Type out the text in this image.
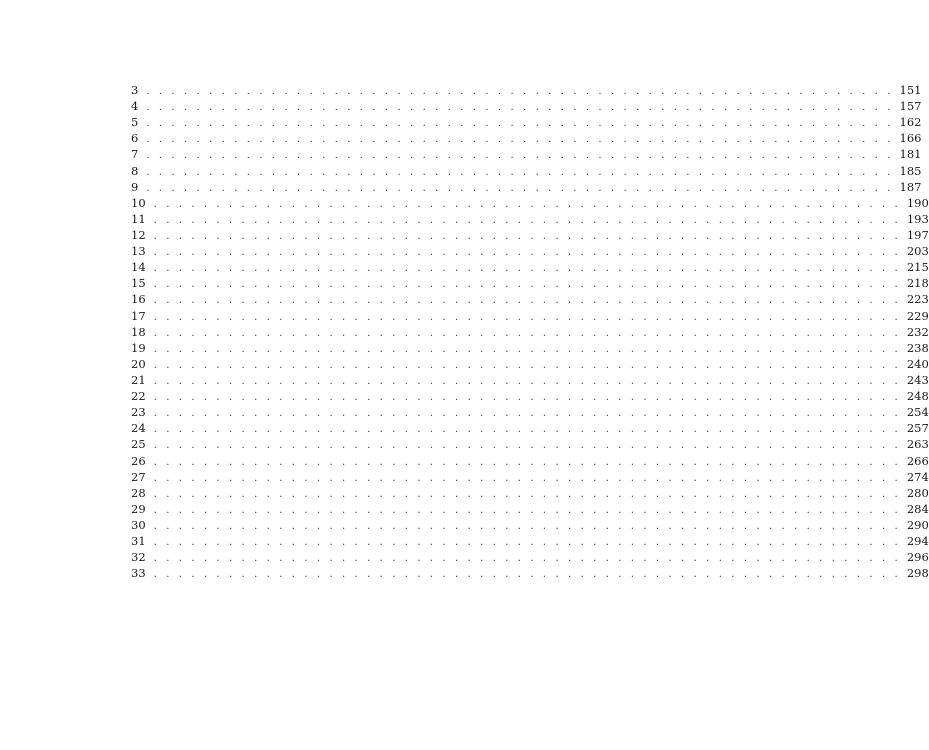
3 . . . . . . . . . . . . . . . . . . . . . . . . . . . . . . . . . . . . . . . . . . . . . . . . . . . . . . . . . . . . 151
4 . . . . . . . . . . . . . . . . . . . . . . . . . . . . . . . . . . . . . . . . . . . . . . . . . . . . . . . . . . . . 157
5 . . . . . . . . . . . . . . . . . . . . . . . . . . . . . . . . . . . . . . . . . . . . . . . . . . . . . . . . . . . . 162
6 . . . . . . . . . . . . . . . . . . . . . . . . . . . . . . . . . . . . . . . . . . . . . . . . . . . . . . . . . . . . 166
7 . . . . . . . . . . . . . . . . . . . . . . . . . . . . . . . . . . . . . . . . . . . . . . . . . . . . . . . . . . . . 181
8 . . . . . . . . . . . . . . . . . . . . . . . . . . . . . . . . . . . . . . . . . . . . . . . . . . . . . . . . . . . . 185
9 . . . . . . . . . . . . . . . . . . . . . . . . . . . . . . . . . . . . . . . . . . . . . . . . . . . . . . . . . . . . 187
10 . . . . . . . . . . . . . . . . . . . . . . . . . . . . . . . . . . . . . . . . . . . . . . . . . . . . . . . . . . . . 190
11 . . . . . . . . . . . . . . . . . . . . . . . . . . . . . . . . . . . . . . . . . . . . . . . . . . . . . . . . . . . . 193
12 . . . . . . . . . . . . . . . . . . . . . . . . . . . . . . . . . . . . . . . . . . . . . . . . . . . . . . . . . . . . 197
13 . . . . . . . . . . . . . . . . . . . . . . . . . . . . . . . . . . . . . . . . . . . . . . . . . . . . . . . . . . . . 203
14 . . . . . . . . . . . . . . . . . . . . . . . . . . . . . . . . . . . . . . . . . . . . . . . . . . . . . . . . . . . . 215
15 . . . . . . . . . . . . . . . . . . . . . . . . . . . . . . . . . . . . . . . . . . . . . . . . . . . . . . . . . . . . 218
16 . . . . . . . . . . . . . . . . . . . . . . . . . . . . . . . . . . . . . . . . . . . . . . . . . . . . . . . . . . . . 223
17 . . . . . . . . . . . . . . . . . . . . . . . . . . . . . . . . . . . . . . . . . . . . . . . . . . . . . . . . . . . . 229
18 . . . . . . . . . . . . . . . . . . . . . . . . . . . . . . . . . . . . . . . . . . . . . . . . . . . . . . . . . . . . 232
19 . . . . . . . . . . . . . . . . . . . . . . . . . . . . . . . . . . . . . . . . . . . . . . . . . . . . . . . . . . . . 238
20 . . . . . . . . . . . . . . . . . . . . . . . . . . . . . . . . . . . . . . . . . . . . . . . . . . . . . . . . . . . . 240
21 . . . . . . . . . . . . . . . . . . . . . . . . . . . . . . . . . . . . . . . . . . . . . . . . . . . . . . . . . . . . 243
22 . . . . . . . . . . . . . . . . . . . . . . . . . . . . . . . . . . . . . . . . . . . . . . . . . . . . . . . . . . . . 248
23 . . . . . . . . . . . . . . . . . . . . . . . . . . . . . . . . . . . . . . . . . . . . . . . . . . . . . . . . . . . . 254
24 . . . . . . . . . . . . . . . . . . . . . . . . . . . . . . . . . . . . . . . . . . . . . . . . . . . . . . . . . . . . 257
25 . . . . . . . . . . . . . . . . . . . . . . . . . . . . . . . . . . . . . . . . . . . . . . . . . . . . . . . . . . . . 263
26 . . . . . . . . . . . . . . . . . . . . . . . . . . . . . . . . . . . . . . . . . . . . . . . . . . . . . . . . . . . . 266
27 . . . . . . . . . . . . . . . . . . . . . . . . . . . . . . . . . . . . . . . . . . . . . . . . . . . . . . . . . . . . 274
28 . . . . . . . . . . . . . . . . . . . . . . . . . . . . . . . . . . . . . . . . . . . . . . . . . . . . . . . . . . . . 280
29 . . . . . . . . . . . . . . . . . . . . . . . . . . . . . . . . . . . . . . . . . . . . . . . . . . . . . . . . . . . . 284
30 . . . . . . . . . . . . . . . . . . . . . . . . . . . . . . . . . . . . . . . . . . . . . . . . . . . . . . . . . . . . 290
31 . . . . . . . . . . . . . . . . . . . . . . . . . . . . . . . . . . . . . . . . . . . . . . . . . . . . . . . . . . . . 294
32 . . . . . . . . . . . . . . . . . . . . . . . . . . . . . . . . . . . . . . . . . . . . . . . . . . . . . . . . . . . . 296
33 . . . . . . . . . . . . . . . . . . . . . . . . . . . . . . . . . . . . . . . . . . . . . . . . . . . . . . . . . . . . 298
